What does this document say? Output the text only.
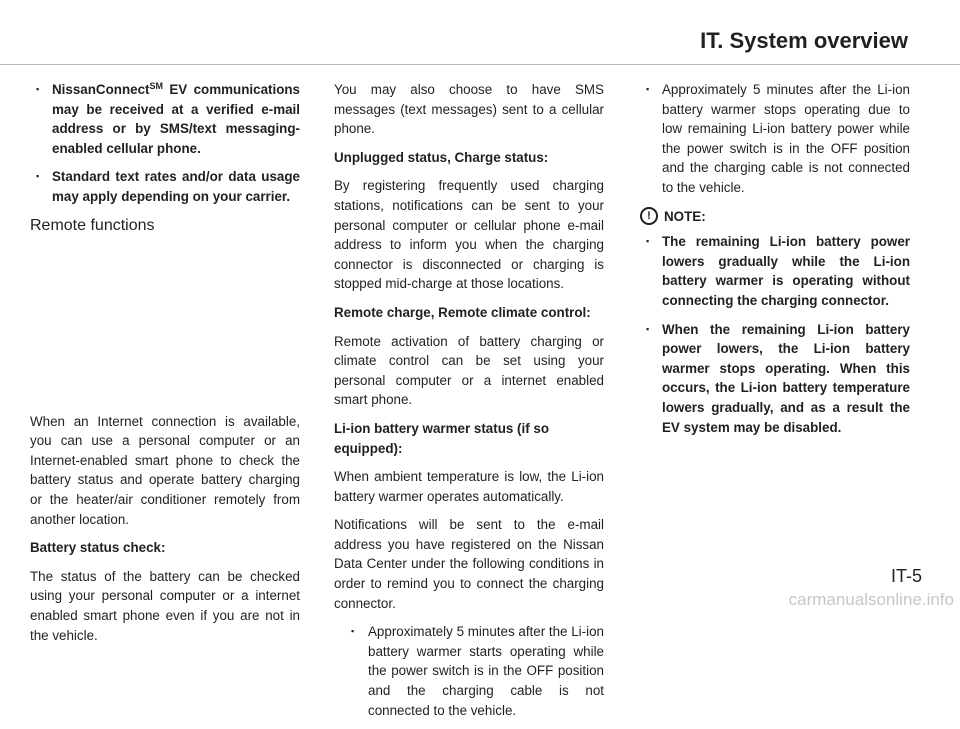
IT. System overview
▪ NissanConnect℠ EV communications may be received at a verified e-mail address or by SMS/text messaging-enabled cellular phone.
▪ Standard text rates and/or data usage may apply depending on your carrier.
Remote functions

When an Internet connection is available, you can use a personal computer or an Internet-enabled smart phone to check the battery status and operate battery charging or the heater/air conditioner remotely from another location.

Battery status check:

The status of the battery can be checked using your personal computer or a internet enabled smart phone even if you are not in the vehicle.

You may also choose to have SMS messages (text messages) sent to a cellular phone.

Unplugged status, Charge status:

By registering frequently used charging stations, notifications can be sent to your personal computer or cellular phone e-mail address to inform you when the charging connector is disconnected or charging is stopped mid-charge at those locations.

Remote charge, Remote climate control:

Remote activation of battery charging or climate control can be set using your personal computer or a internet enabled smart phone.

Li-ion battery warmer status (if so equipped):

When ambient temperature is low, the Li-ion battery warmer operates automatically.

Notifications will be sent to the e-mail address you have registered on the Nissan Data Center under the following conditions in order to remind you to connect the charging connector.

▪ Approximately 5 minutes after the Li-ion battery warmer starts operating while the power switch is in the OFF position and the charging cable is not connected to the vehicle.
▪ Approximately 5 minutes after the Li-ion battery warmer stops operating due to low remaining Li-ion battery power while the power switch is in the OFF position and the charging cable is not connected to the vehicle.
! NOTE:
▪ The remaining Li-ion battery power lowers gradually while the Li-ion battery warmer is operating without connecting the charging connector.
▪ When the remaining Li-ion battery power lowers, the Li-ion battery warmer stops operating. When this occurs, the Li-ion battery temperature lowers gradually, and as a result the EV system may be disabled.
IT-5
carmanualsonline.info
